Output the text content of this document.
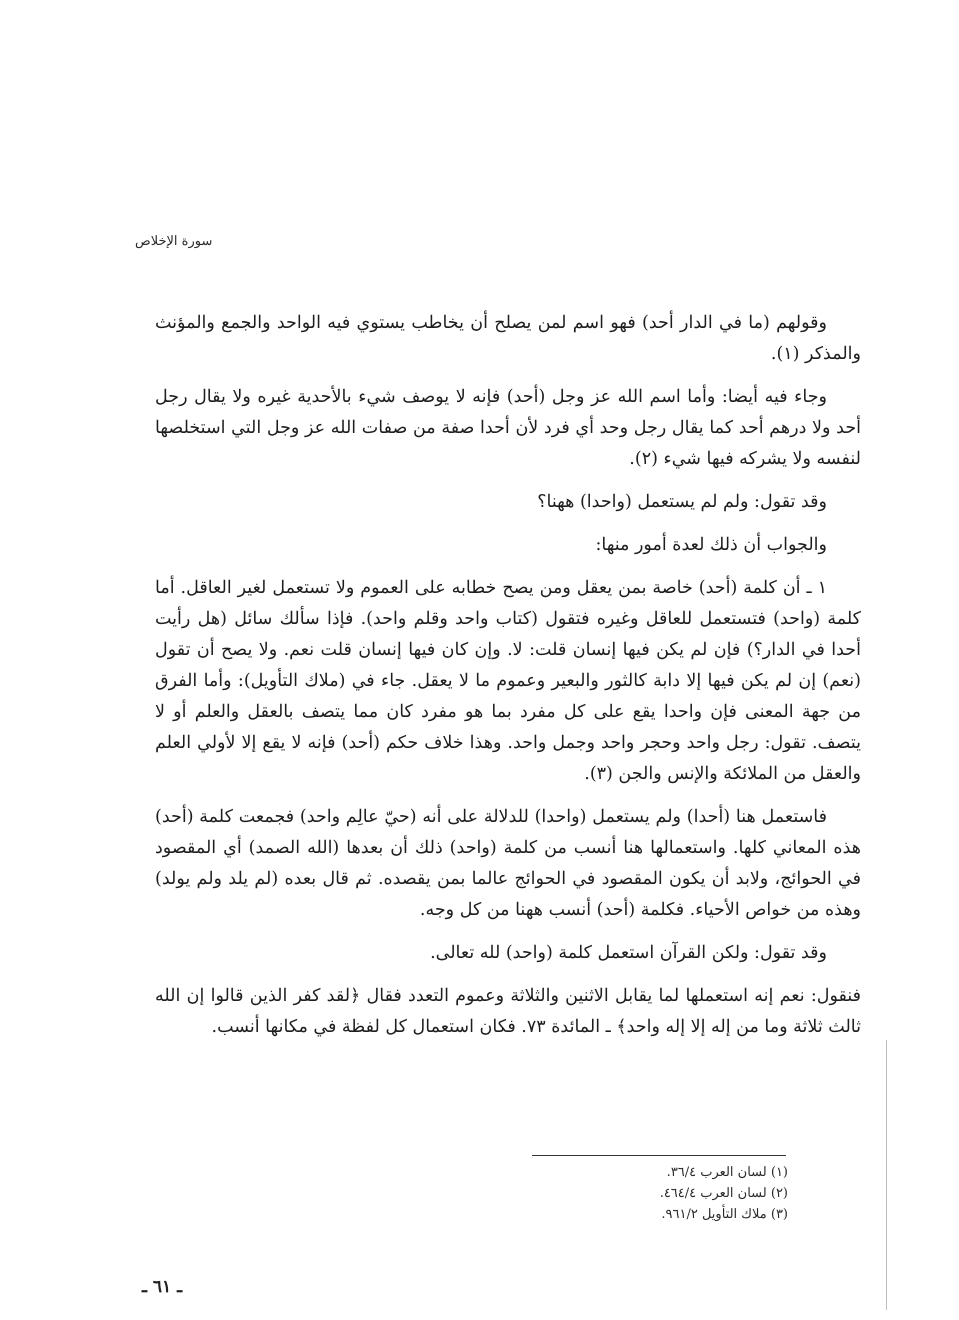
سورة الإخلاص

وقولهم (ما في الدار أحد) فهو اسم لمن يصلح أن يخاطب يستوي فيه الواحد والجمع والمؤنث والمذكر (١).

وجاء فيه أيضا: وأما اسم الله عز وجل (أحد) فإنه لا يوصف شيء بالأحدية غيره ولا يقال رجل أحد ولا درهم أحد كما يقال رجل وحد أي فرد لأن أحدا صفة من صفات الله عز وجل التي استخلصها لنفسه ولا يشركه فيها شيء (٢).

وقد تقول: ولم لم يستعمل (واحدا) ههنا؟

والجواب أن ذلك لعدة أمور منها:

١ ـ أن كلمة (أحد) خاصة بمن يعقل ومن يصح خطابه على العموم ولا تستعمل لغير العاقل. أما كلمة (واحد) فتستعمل للعاقل وغيره فتقول (كتاب واحد وقلم واحد). فإذا سألك سائل (هل رأيت أحدا في الدار؟) فإن لم يكن فيها إنسان قلت: لا. وإن كان فيها إنسان قلت نعم. ولا يصح أن تقول (نعم) إن لم يكن فيها إلا دابة كالثور والبعير وعموم ما لا يعقل. جاء في (ملاك التأويل): وأما الفرق من جهة المعنى فإن واحدا يقع على كل مفرد بما هو مفرد كان مما يتصف بالعقل والعلم أو لا يتصف. تقول: رجل واحد وحجر واحد وجمل واحد. وهذا خلاف حكم (أحد) فإنه لا يقع إلا لأولي العلم والعقل من الملائكة والإنس والجن (٣).

فاستعمل هنا (أحدا) ولم يستعمل (واحدا) للدلالة على أنه (حيّ عالِم واحد) فجمعت كلمة (أحد) هذه المعاني كلها. واستعمالها هنا أنسب من كلمة (واحد) ذلك أن بعدها (الله الصمد) أي المقصود في الحوائج، ولابد أن يكون المقصود في الحوائج عالما بمن يقصده. ثم قال بعده (لم يلد ولم يولد) وهذه من خواص الأحياء. فكلمة (أحد) أنسب ههنا من كل وجه.

وقد تقول: ولكن القرآن استعمل كلمة (واحد) لله تعالى.

فنقول: نعم إنه استعملها لما يقابل الاثنين والثلاثة وعموم التعدد فقال ﴿لقد كفر الذين قالوا إن الله ثالث ثلاثة وما من إله إلا إله واحد﴾ ـ المائدة ٧٣. فكان استعمال كل لفظة في مكانها أنسب.

(١) لسان العرب ٣٦/٤.
(٢) لسان العرب ٤٦٤/٤.
(٣) ملاك التأويل ٩٦١/٢.
ـ ٦١ ـ
